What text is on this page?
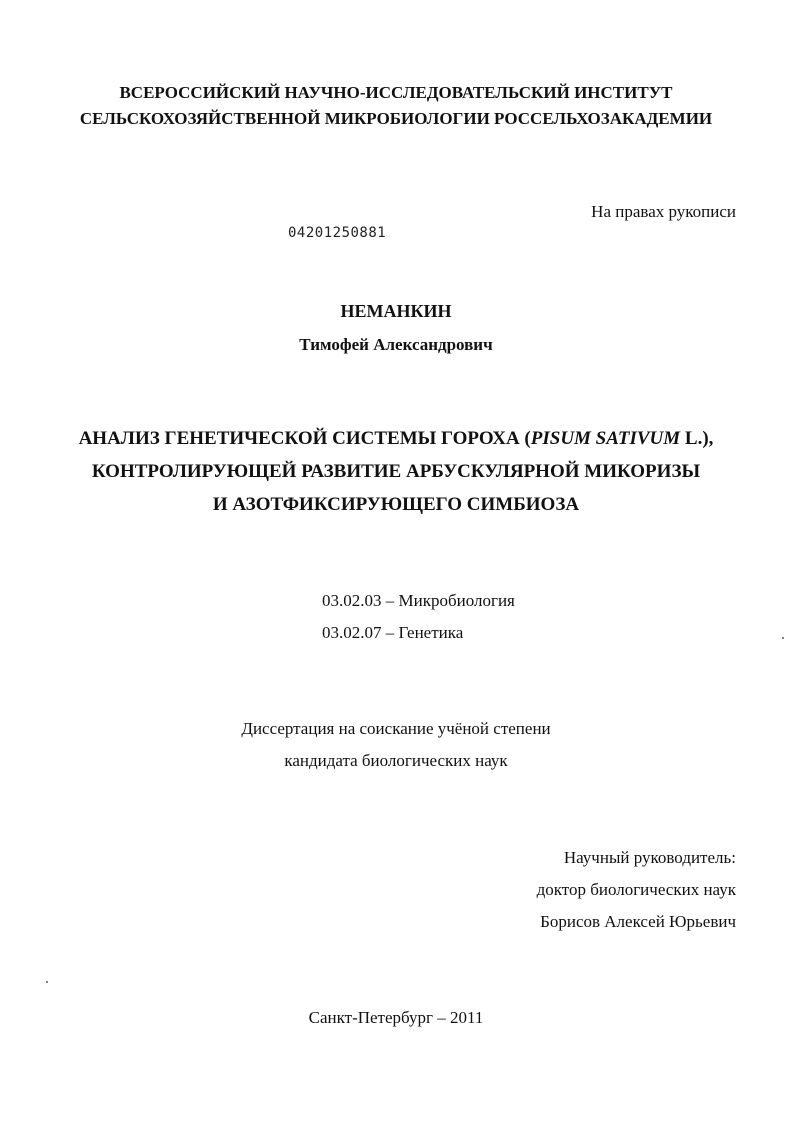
ВСЕРОССИЙСКИЙ НАУЧНО-ИССЛЕДОВАТЕЛЬСКИЙ ИНСТИТУТ
СЕЛЬСКОХОЗЯЙСТВЕННОЙ МИКРОБИОЛОГИИ РОССЕЛЬХОЗАКАДЕМИИ
На правах рукописи
04201250881
НЕМАНКИН
Тимофей Александрович
АНАЛИЗ ГЕНЕТИЧЕСКОЙ СИСТЕМЫ ГОРОХА (PISUM SATIVUM L.),
КОНТРОЛИРУЮЩЕЙ РАЗВИТИЕ АРБУСКУЛЯРНОЙ МИКОРИЗЫ
И АЗОТФИКСИРУЮЩЕГО СИМБИОЗА
03.02.03 – Микробиология
03.02.07 – Генетика
Диссертация на соискание учёной степени
кандидата биологических наук
Научный руководитель:
доктор биологических наук
Борисов Алексей Юрьевич
Санкт-Петербург – 2011
